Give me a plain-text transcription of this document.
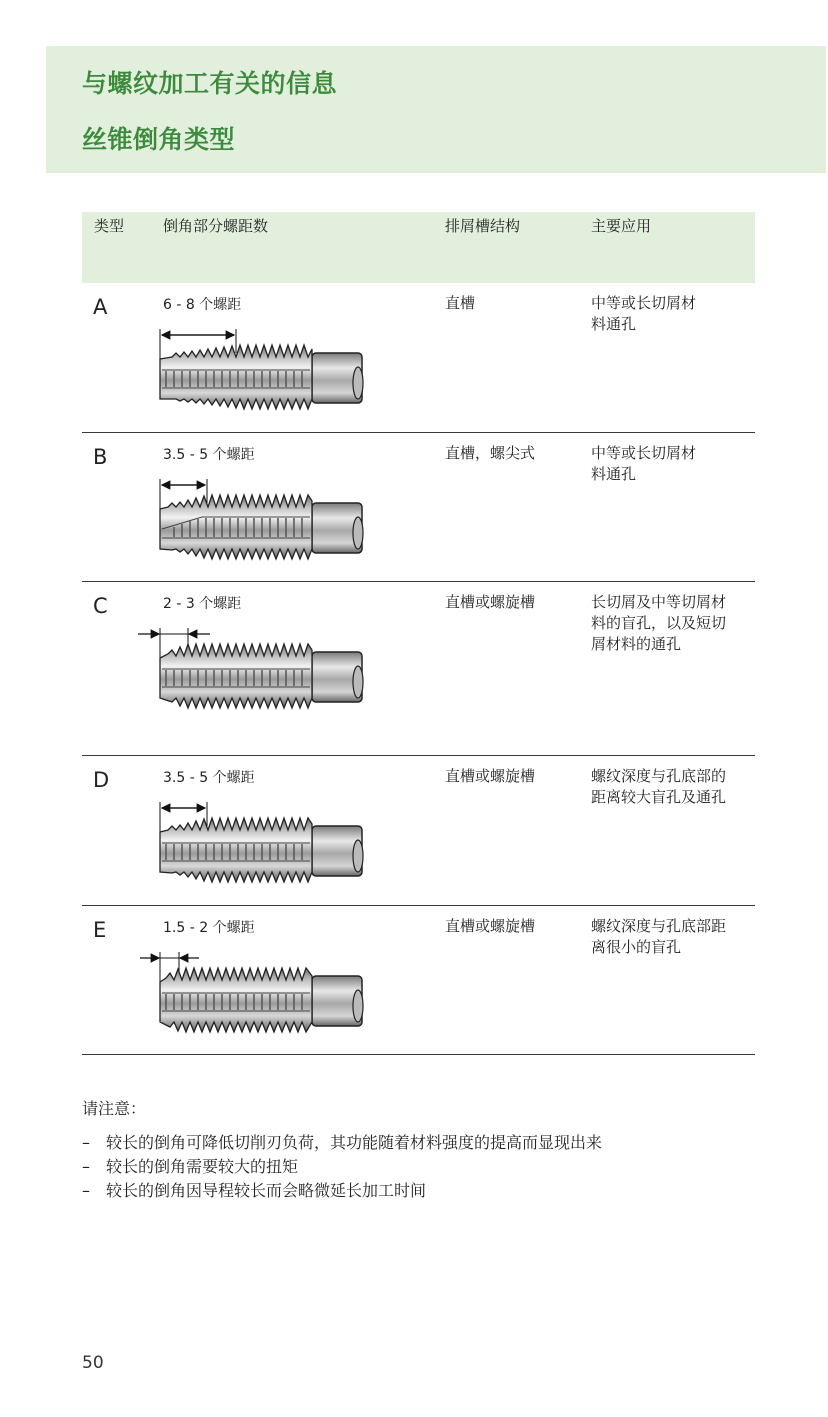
与螺纹加工有关的信息
丝锥倒角类型
类型	倒角部分螺距数	排屑槽结构	主要应用
A	6 - 8 个螺距	直槽	中等或长切屑材料通孔
B	3.5 - 5 个螺距	直槽，螺尖式	中等或长切屑材料通孔
C	2 - 3 个螺距	直槽或螺旋槽	长切屑及中等切屑材料的盲孔，以及短切屑材料的通孔
D	3.5 - 5 个螺距	直槽或螺旋槽	螺纹深度与孔底部的距离较大盲孔及通孔
E	1.5 - 2 个螺距	直槽或螺旋槽	螺纹深度与孔底部距离很小的盲孔
请注意：
– 较长的倒角可降低切削刃负荷，其功能随着材料强度的提高而显现出来
– 较长的倒角需要较大的扭矩
– 较长的倒角因导程较长而会略微延长加工时间
50
